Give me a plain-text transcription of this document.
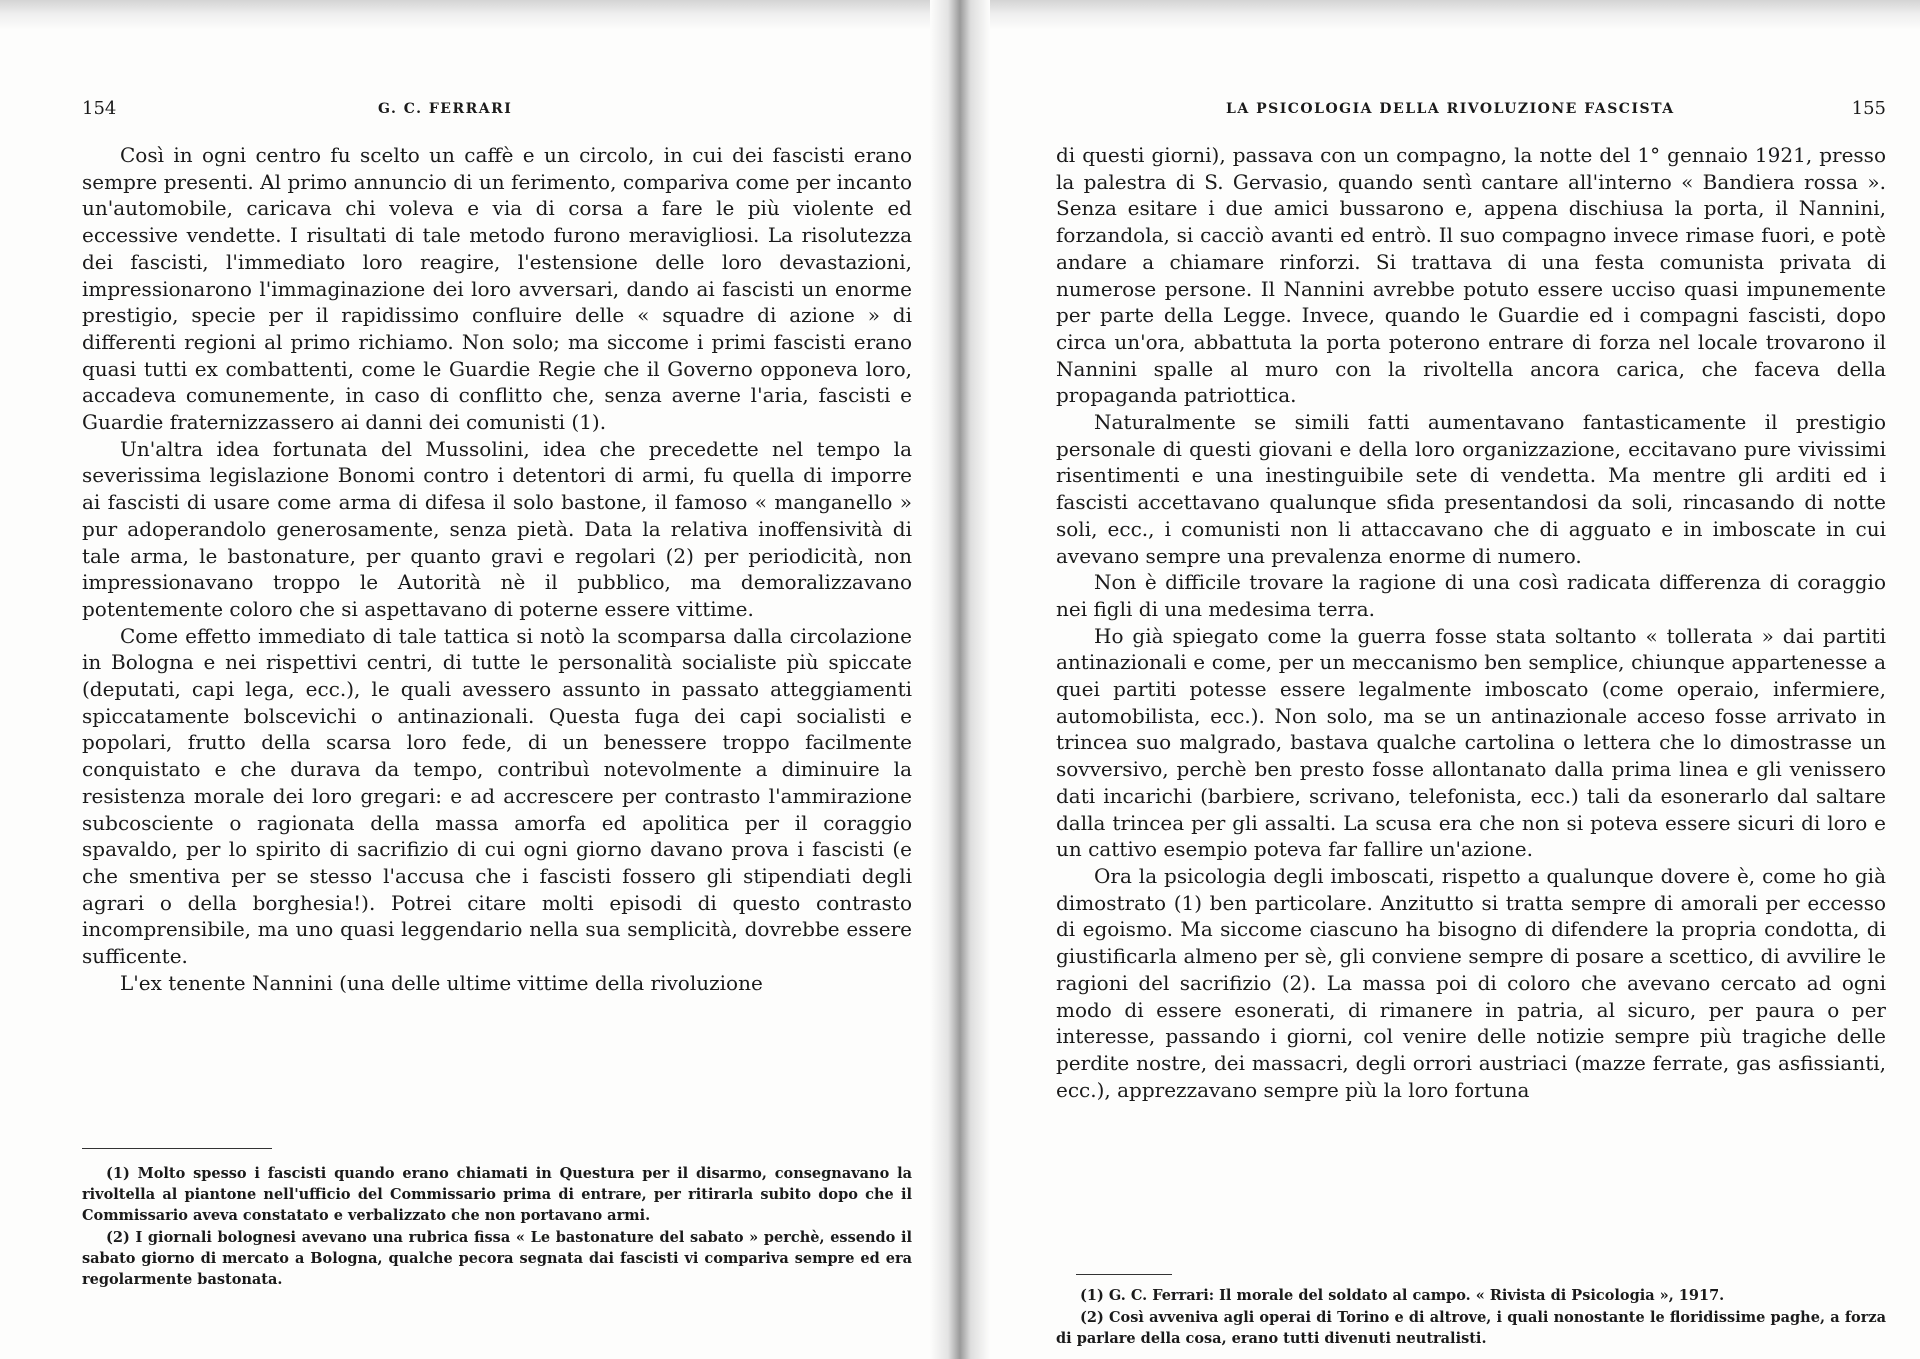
154	G. C. FERRARI

Così in ogni centro fu scelto un caffè e un circolo, in cui dei fascisti erano sempre presenti. Al primo annuncio di un ferimento, compariva come per incanto un'automobile, caricava chi voleva e via di corsa a fare le più violente ed eccessive vendette. I risultati di tale metodo furono meravigliosi. La risolutezza dei fascisti, l'immediato loro reagire, l'estensione delle loro devastazioni, impressionarono l'immaginazione dei loro avversari, dando ai fascisti un enorme prestigio, specie per il rapidissimo confluire delle « squadre di azione » di differenti regioni al primo richiamo. Non solo; ma siccome i primi fascisti erano quasi tutti ex combattenti, come le Guardie Regie che il Governo opponeva loro, accadeva comunemente, in caso di conflitto che, senza averne l'aria, fascisti e Guardie fraternizzassero ai danni dei comunisti (1).

Un'altra idea fortunata del Mussolini, idea che precedette nel tempo la severissima legislazione Bonomi contro i detentori di armi, fu quella di imporre ai fascisti di usare come arma di difesa il solo bastone, il famoso « manganello » pur adoperandolo generosamente, senza pietà. Data la relativa inoffensività di tale arma, le bastonature, per quanto gravi e regolari (2) per periodicità, non impressionavano troppo le Autorità nè il pubblico, ma demoralizzavano potentemente coloro che si aspettavano di poterne essere vittime.

Come effetto immediato di tale tattica si notò la scomparsa dalla circolazione in Bologna e nei rispettivi centri, di tutte le personalità socialiste più spiccate (deputati, capi lega, ecc.), le quali avessero assunto in passato atteggiamenti spiccatamente bolscevichi o antinazionali. Questa fuga dei capi socialisti e popolari, frutto della scarsa loro fede, di un benessere troppo facilmente conquistato e che durava da tempo, contribuì notevolmente a diminuire la resistenza morale dei loro gregari: e ad accrescere per contrasto l'ammirazione subcosciente o ragionata della massa amorfa ed apolitica per il coraggio spavaldo, per lo spirito di sacrifizio di cui ogni giorno davano prova i fascisti (e che smentiva per se stesso l'accusa che i fascisti fossero gli stipendiati degli agrari o della borghesia!). Potrei citare molti episodi di questo contrasto incomprensibile, ma uno quasi leggendario nella sua semplicità, dovrebbe essere sufficente.

L'ex tenente Nannini (una delle ultime vittime della rivoluzione

(1) Molto spesso i fascisti quando erano chiamati in Questura per il disarmo, consegnavano la rivoltella al piantone nell'ufficio del Commissario prima di entrare, per ritirarla subito dopo che il Commissario aveva constatato e verbalizzato che non portavano armi.

(2) I giornali bolognesi avevano una rubrica fissa « Le bastonature del sabato » perchè, essendo il sabato giorno di mercato a Bologna, qualche pecora segnata dai fascisti vi compariva sempre ed era regolarmente bastonata.

LA PSICOLOGIA DELLA RIVOLUZIONE FASCISTA	155

di questi giorni), passava con un compagno, la notte del 1° gennaio 1921, presso la palestra di S. Gervasio, quando sentì cantare all'interno « Bandiera rossa ». Senza esitare i due amici bussarono e, appena dischiusa la porta, il Nannini, forzandola, si cacciò avanti ed entrò. Il suo compagno invece rimase fuori, e potè andare a chiamare rinforzi. Si trattava di una festa comunista privata di numerose persone. Il Nannini avrebbe potuto essere ucciso quasi impunemente per parte della Legge. Invece, quando le Guardie ed i compagni fascisti, dopo circa un'ora, abbattuta la porta poterono entrare di forza nel locale trovarono il Nannini spalle al muro con la rivoltella ancora carica, che faceva della propaganda patriottica.

Naturalmente se simili fatti aumentavano fantasticamente il prestigio personale di questi giovani e della loro organizzazione, eccitavano pure vivissimi risentimenti e una inestinguibile sete di vendetta. Ma mentre gli arditi ed i fascisti accettavano qualunque sfida presentandosi da soli, rincasando di notte soli, ecc., i comunisti non li attaccavano che di agguato e in imboscate in cui avevano sempre una prevalenza enorme di numero.

Non è difficile trovare la ragione di una così radicata differenza di coraggio nei figli di una medesima terra.

Ho già spiegato come la guerra fosse stata soltanto « tollerata » dai partiti antinazionali e come, per un meccanismo ben semplice, chiunque appartenesse a quei partiti potesse essere legalmente imboscato (come operaio, infermiere, automobilista, ecc.). Non solo, ma se un antinazionale acceso fosse arrivato in trincea suo malgrado, bastava qualche cartolina o lettera che lo dimostrasse un sovversivo, perchè ben presto fosse allontanato dalla prima linea e gli venissero dati incarichi (barbiere, scrivano, telefonista, ecc.) tali da esonerarlo dal saltare dalla trincea per gli assalti. La scusa era che non si poteva essere sicuri di loro e un cattivo esempio poteva far fallire un'azione.

Ora la psicologia degli imboscati, rispetto a qualunque dovere è, come ho già dimostrato (1) ben particolare. Anzitutto si tratta sempre di amorali per eccesso di egoismo. Ma siccome ciascuno ha bisogno di difendere la propria condotta, di giustificarla almeno per sè, gli conviene sempre di posare a scettico, di avvilire le ragioni del sacrifizio (2). La massa poi di coloro che avevano cercato ad ogni modo di essere esonerati, di rimanere in patria, al sicuro, per paura o per interesse, passando i giorni, col venire delle notizie sempre più tragiche delle perdite nostre, dei massacri, degli orrori austriaci (mazze ferrate, gas asfissianti, ecc.), apprezzavano sempre più la loro fortuna

(1) G. C. Ferrari: Il morale del soldato al campo. « Rivista di Psicologia », 1917.

(2) Così avveniva agli operai di Torino e di altrove, i quali nonostante le floridissime paghe, a forza di parlare della cosa, erano tutti divenuti neutralisti.
